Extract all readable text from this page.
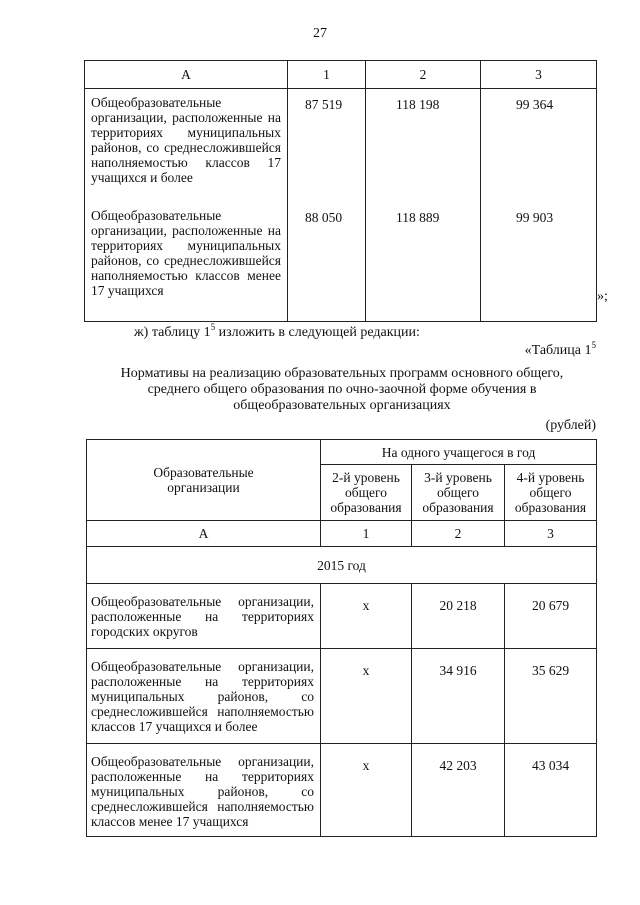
27
А	1	2	3
Общеобразовательные организации, расположенные на территориях муниципальных районов, со среднесложившейся наполняемостью классов 17 учащихся и более	87 519	118 198	99 364
Общеобразовательные организации, расположенные на территориях муниципальных районов, со среднесложившейся наполняемостью классов менее 17 учащихся	88 050	118 889	99 903
»;
ж) таблицу $1^5$ изложить в следующей редакции:
«Таблица $1^5$
Нормативы на реализацию образовательных программ основного общего, среднего общего образования по очно-заочной форме обучения в общеобразовательных организациях
(рублей)
Образовательные организации	На одного учащегося в год		
	2-й уровень общего образования	3-й уровень общего образования	4-й уровень общего образования
А	1	2	3
2015 год			
Общеобразовательные организации, расположенные на территориях городских округов	х	20 218	20 679
Общеобразовательные организации, расположенные на территориях муниципальных районов, со среднесложившейся наполняемостью классов 17 учащихся и более	х	34 916	35 629
Общеобразовательные организации, расположенные на территориях муниципальных районов, со среднесложившейся наполняемостью классов менее 17 учащихся	х	42 203	43 034
